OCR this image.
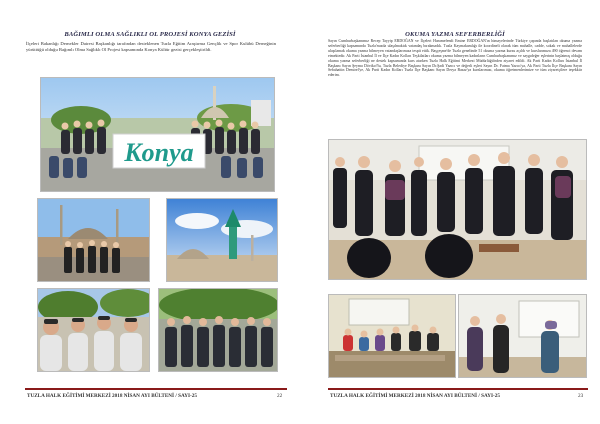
BAĞIMLI OLMA SAĞLIKLI OL PROJESİ KONYA GEZİSİ
İlçeleri Bakanlığı Dernekler Dairesi Başkanlığı tarafından desteklenen Tuzla Eğitim Araştırma Gençlik ve Spor Kulübü Derneğinin yürüttüğü olduğu Bağımlı Olma Sağlıklı Ol Projesi kapsamında Konya Kültür gezisi gerçekleştirildi.
Konya
TUZLA HALK EĞİTİMİ MERKEZİ 2018 NİSAN AYI BÜLTENİ / SAYI-25	22
OKUMA YAZMA SEFERBERLİĞİ
Sayın Cumhurbaşkanımız Recep Tayyip ERDOĞAN ve İlçeleri Hanımefendi Emine ERDOĞAN'ın himayelerinde Türkiye çapında başlatılan okuma yazma seferberliği kapsamında Tuzla'mızda ulaşılmaktık vatandaş bırakmadık. Tuzla Kaymakamlığı ile koordineli olarak tüm mahalle, cadde, sokak ve mahallelerde ulaşılamak okuma yazma bilmeyen vatandaşlarımıza tespit ettik. Başçeşme'de Tuzla genelinde 51 okuma yazma kursu açıldı ve kurslarımıza 490 öğrenci devam etmektedir. Ak Parti İstanbul İl ve İlçe Kadın Kolları Teşkilatları okuma yazma bilmeyen kadınların Cumhurbaşkanımız ve saygıdeğer eşlerinin başlatmış olduğu okuma yazma seferberliği ne destek kapsamında kurs atarken Tuzla Halk Eğitimi Merkezi Müdürlüğü'nden ziyaret edildi. Ak Parti Kadın Kolları İstanbul İl Başkanı Sayın Şeyma Döviko?lu, Tuzla Belediye Başkanı Sayın Dr.Şadi Yazıcı ve değerli eşleri Sayın Dr. Fatma Yazıcı'ya, Ak Parti Tuzla İlçe Başkanı Sayın Sebahattin Demirel'ye, Ak Parti Kadın Kolları Tuzla İlçe Başkanı Sayın Derya Basaz'ya kurslarımızı, okuma öğretmenlerimize ve tüm ziyaretçilere teşekkür ederim.
TUZLA HALK EĞİTİMİ MERKEZİ 2018 NİSAN AYI BÜLTENİ / SAYI-25	23
